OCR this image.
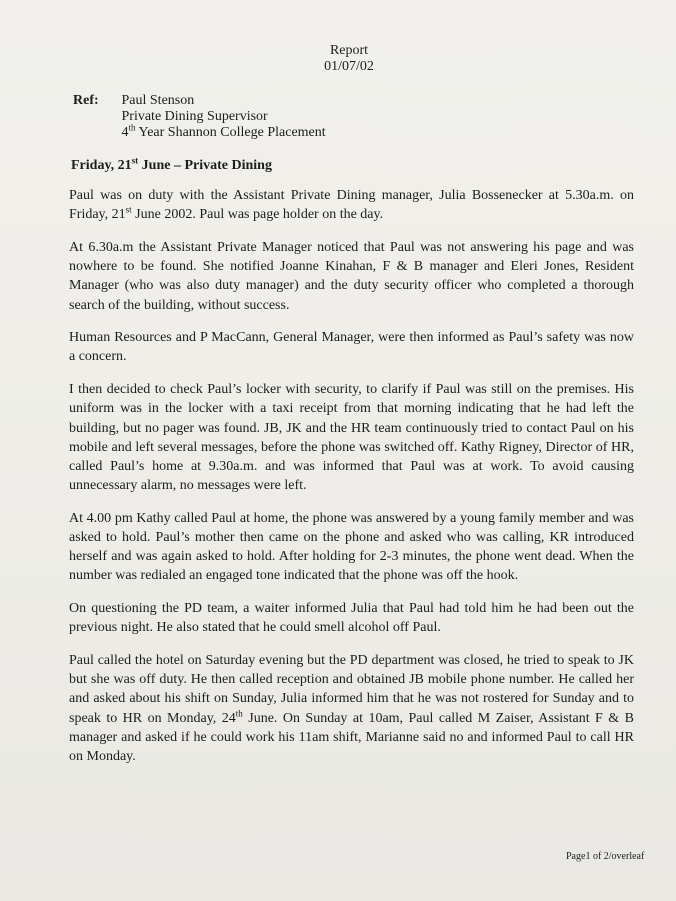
Report
01/07/02
Ref: Paul Stenson
Private Dining Supervisor
4th Year Shannon College Placement
Friday, 21st June – Private Dining

Paul was on duty with the Assistant Private Dining manager, Julia Bossenecker at 5.30a.m. on Friday, 21st June 2002. Paul was page holder on the day.

At 6.30a.m the Assistant Private Manager noticed that Paul was not answering his page and was nowhere to be found. She notified Joanne Kinahan, F & B manager and Eleri Jones, Resident Manager (who was also duty manager) and the duty security officer who completed a thorough search of the building, without success.

Human Resources and P MacCann, General Manager, were then informed as Paul’s safety was now a concern.

I then decided to check Paul’s locker with security, to clarify if Paul was still on the premises. His uniform was in the locker with a taxi receipt from that morning indicating that he had left the building, but no pager was found. JB, JK and the HR team continuously tried to contact Paul on his mobile and left several messages, before the phone was switched off. Kathy Rigney, Director of HR, called Paul’s home at 9.30a.m. and was informed that Paul was at work. To avoid causing unnecessary alarm, no messages were left.

At 4.00 pm Kathy called Paul at home, the phone was answered by a young family member and was asked to hold. Paul’s mother then came on the phone and asked who was calling, KR introduced herself and was again asked to hold. After holding for 2-3 minutes, the phone went dead. When the number was redialed an engaged tone indicated that the phone was off the hook.

On questioning the PD team, a waiter informed Julia that Paul had told him he had been out the previous night. He also stated that he could smell alcohol off Paul.

Paul called the hotel on Saturday evening but the PD department was closed, he tried to speak to JK but she was off duty. He then called reception and obtained JB mobile phone number. He called her and asked about his shift on Sunday, Julia informed him that he was not rostered for Sunday and to speak to HR on Monday, 24th June. On Sunday at 10am, Paul called M Zaiser, Assistant F & B manager and asked if he could work his 11am shift, Marianne said no and informed Paul to call HR on Monday.

Page1 of 2/overleaf
